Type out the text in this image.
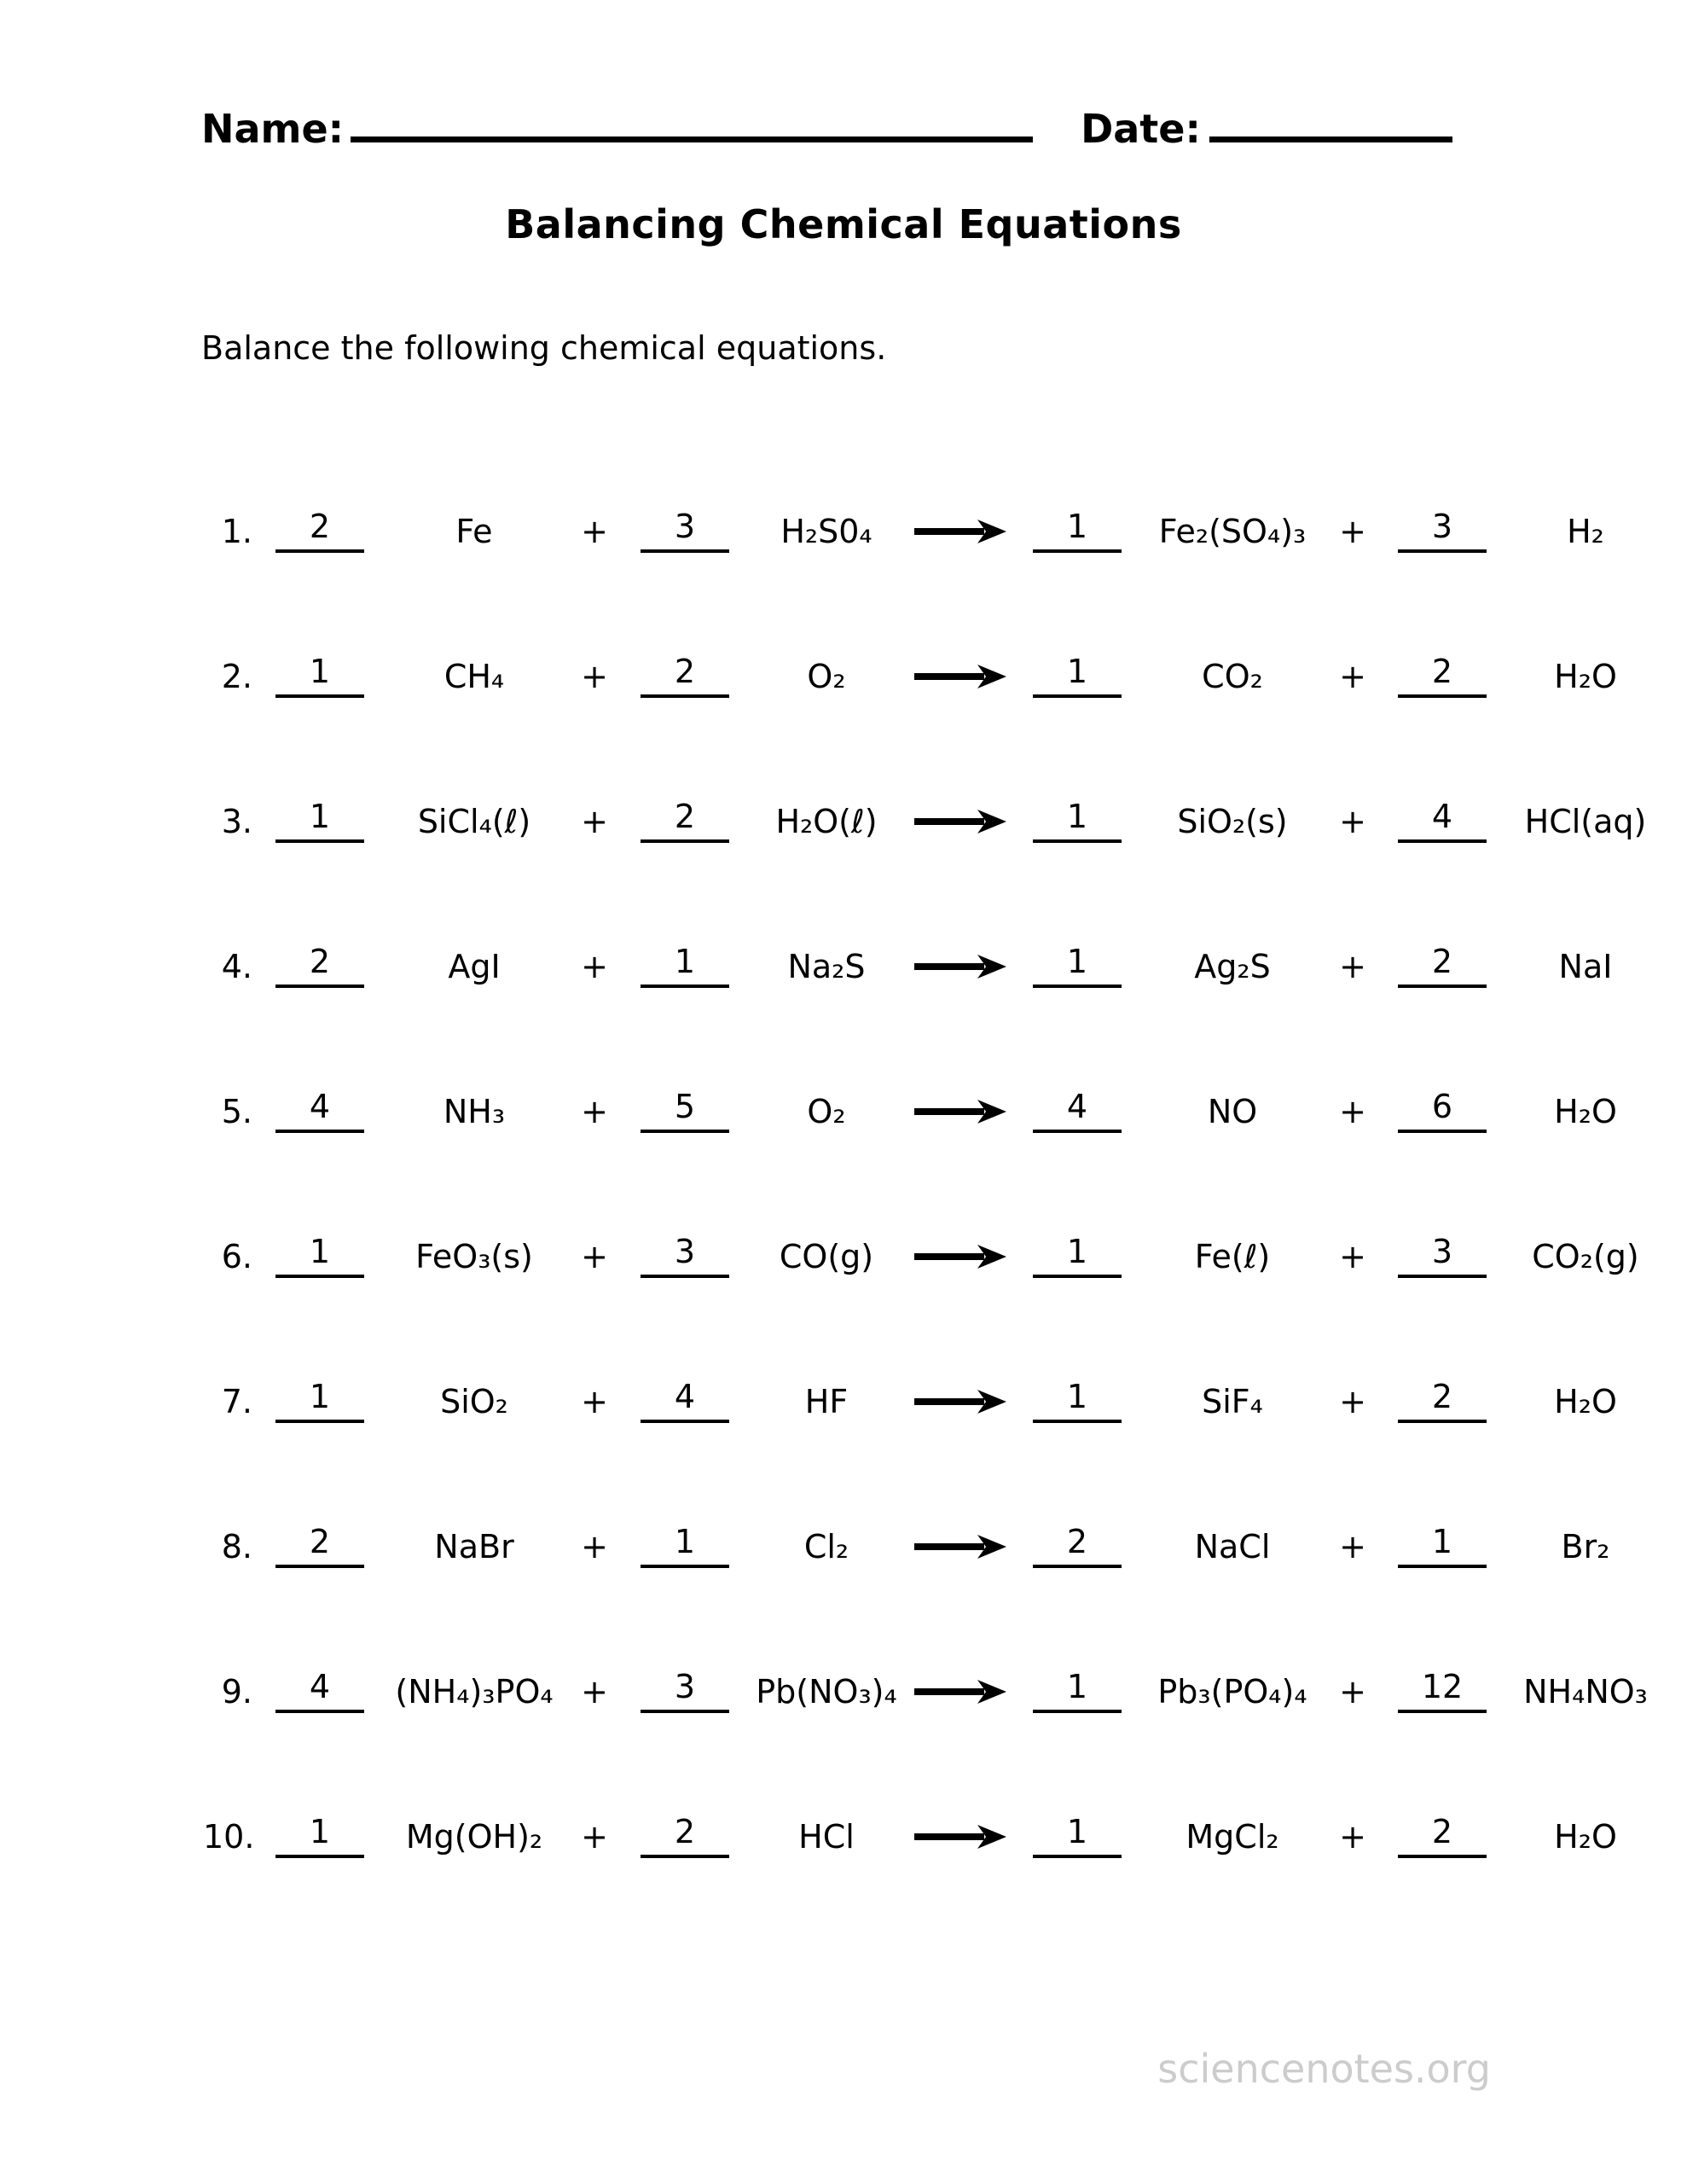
Name:	Date:
Balancing Chemical Equations

Balance the following chemical equations.

1.	2	Fe	+	3	H₂S0₄	→	1	Fe₂(SO₄)₃	+	3	H₂
2.	1	CH₄	+	2	O₂	1	CO₂	+	2	H₂O
3.	1	SiCl₄(ℓ)	+	2	H₂O(ℓ) →	1	SiO₂(s)	+	4	HCl(aq)
4.	2	AgI	+	1	Na₂S	→	1	Ag₂S	+	2	NaI
5.	4	NH₃	+	5	O₂	4	NO	+	6	H₂O
6.	1	FeO₃(s)	+	3	CO(g) →	1	Fe(ℓ)	+	3	CO₂(g)
7.	1	SiO₂	+	4	HF	1	SiF₄	+	2	H₂O
8.	2	NaBr	+	1	Cl₂	2	NaCl	+	1	Br₂
9.	4	(NH₄)₃PO₄ +	3	Pb(NO₃)₄ →	1	Pb₃(PO₄)₄ +	12	NH₄NO₃
10.	1	Mg(OH)₂	+	2	HCl	1	MgCl₂	+	2	H₂O
sciencenotes.org
